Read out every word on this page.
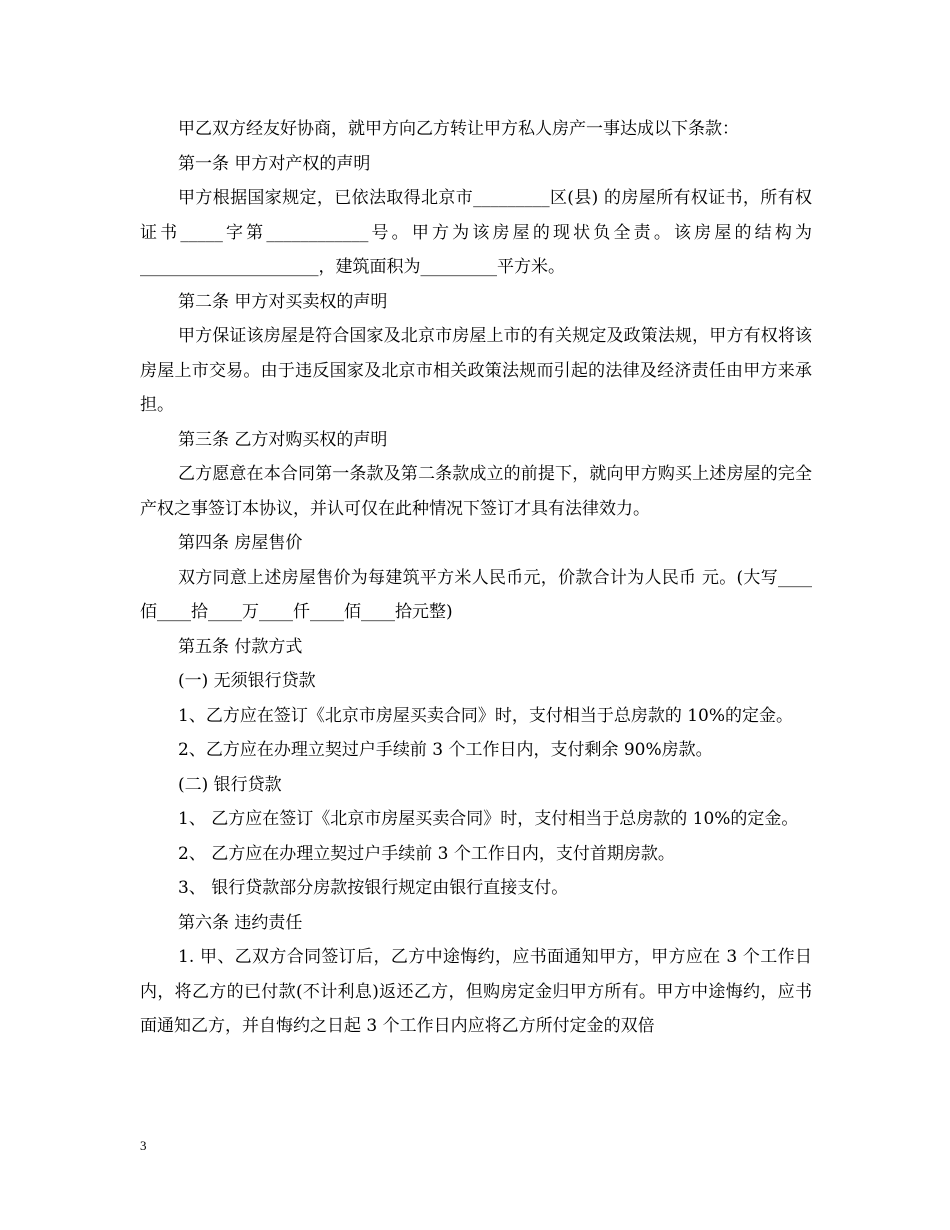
甲乙双方经友好协商，就甲方向乙方转让甲方私人房产一事达成以下条款：

第一条 甲方对产权的声明

甲方根据国家规定，已依法取得北京市_________区(县) 的房屋所有权证书，所有权证书_____字第____________号。甲方为该房屋的现状负全责。该房屋的结构为 _____________________，建筑面积为_________平方米。

第二条 甲方对买卖权的声明

甲方保证该房屋是符合国家及北京市房屋上市的有关规定及政策法规，甲方有权将该房屋上市交易。由于违反国家及北京市相关政策法规而引起的法律及经济责任由甲方来承担。

第三条 乙方对购买权的声明

乙方愿意在本合同第一条款及第二条款成立的前提下，就向甲方购买上述房屋的完全产权之事签订本协议，并认可仅在此种情况下签订才具有法律效力。

第四条 房屋售价

双方同意上述房屋售价为每建筑平方米人民币元，价款合计为人民币 元。(大写____佰____拾____万____仟____佰____拾元整)

第五条 付款方式

(一) 无须银行贷款

1、乙方应在签订《北京市房屋买卖合同》时，支付相当于总房款的 10%的定金。

2、乙方应在办理立契过户手续前 3 个工作日内，支付剩余 90%房款。

(二) 银行贷款

1、 乙方应在签订《北京市房屋买卖合同》时，支付相当于总房款的 10%的定金。

2、 乙方应在办理立契过户手续前 3 个工作日内，支付首期房款。

3、 银行贷款部分房款按银行规定由银行直接支付。

第六条 违约责任

1. 甲、乙双方合同签订后，乙方中途悔约，应书面通知甲方，甲方应在 3 个工作日内，将乙方的已付款(不计利息)返还乙方，但购房定金归甲方所有。甲方中途悔约，应书面通知乙方，并自悔约之日起 3 个工作日内应将乙方所付定金的双倍

3
